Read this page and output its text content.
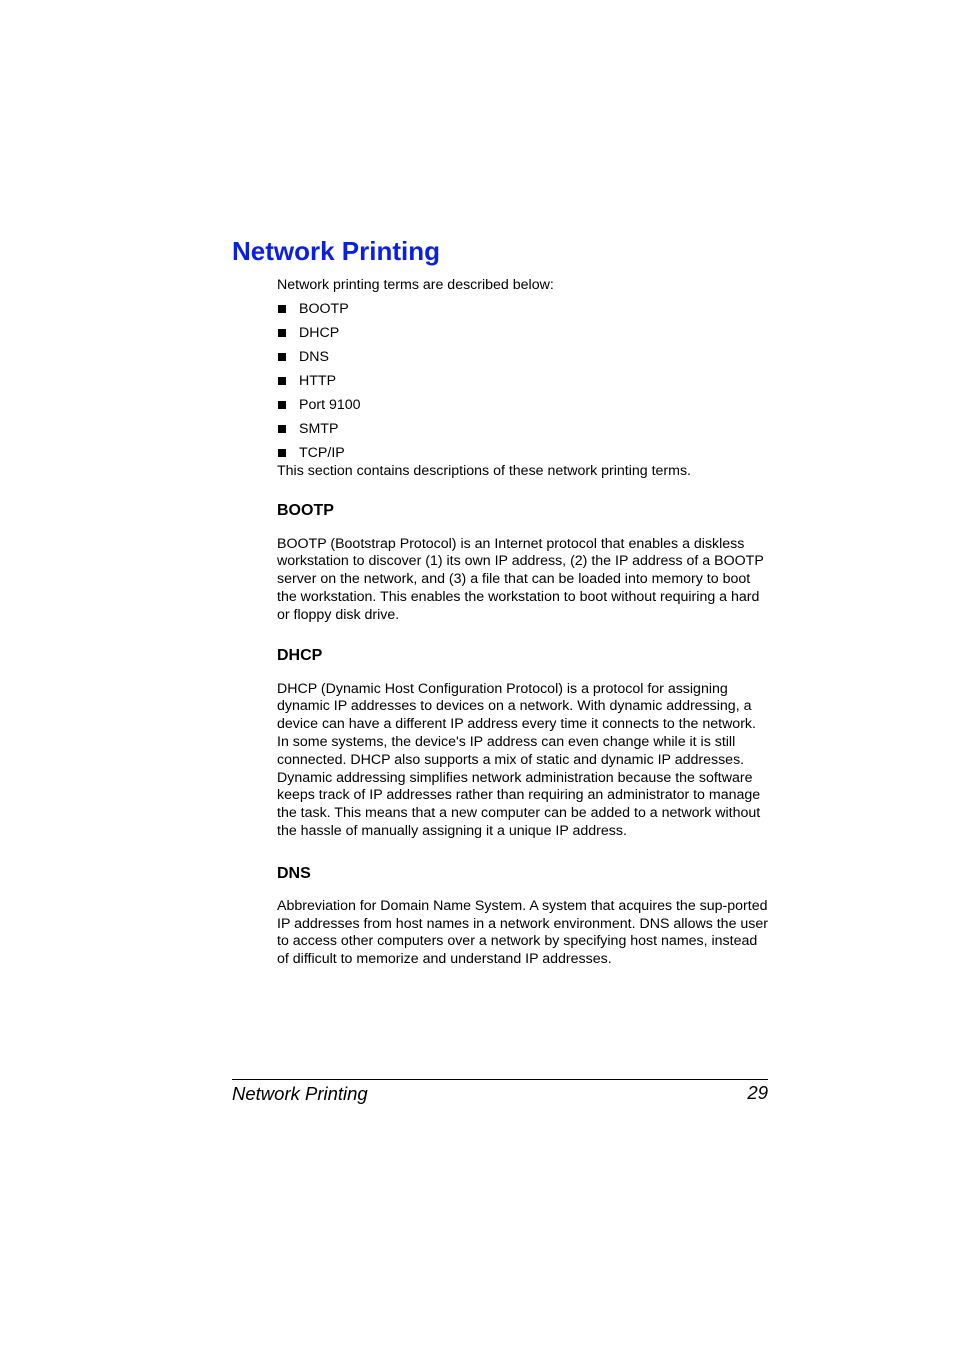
Network Printing

Network printing terms are described below:

BOOTP
DHCP
DNS
HTTP
Port 9100
SMTP
TCP/IP

This section contains descriptions of these network printing terms.

BOOTP

BOOTP (Bootstrap Protocol) is an Internet protocol that enables a diskless workstation to discover (1) its own IP address, (2) the IP address of a BOOTP server on the network, and (3) a file that can be loaded into memory to boot the workstation. This enables the workstation to boot without requiring a hard or floppy disk drive.

DHCP

DHCP (Dynamic Host Configuration Protocol) is a protocol for assigning dynamic IP addresses to devices on a network. With dynamic addressing, a device can have a different IP address every time it connects to the network. In some systems, the device's IP address can even change while it is still connected. DHCP also supports a mix of static and dynamic IP addresses. Dynamic addressing simplifies network administration because the software keeps track of IP addresses rather than requiring an administrator to manage the task. This means that a new computer can be added to a network without the hassle of manually assigning it a unique IP address.

DNS

Abbreviation for Domain Name System. A system that acquires the sup-ported IP addresses from host names in a network environment. DNS allows the user to access other computers over a network by specifying host names, instead of difficult to memorize and understand IP addresses.

Network Printing	29
